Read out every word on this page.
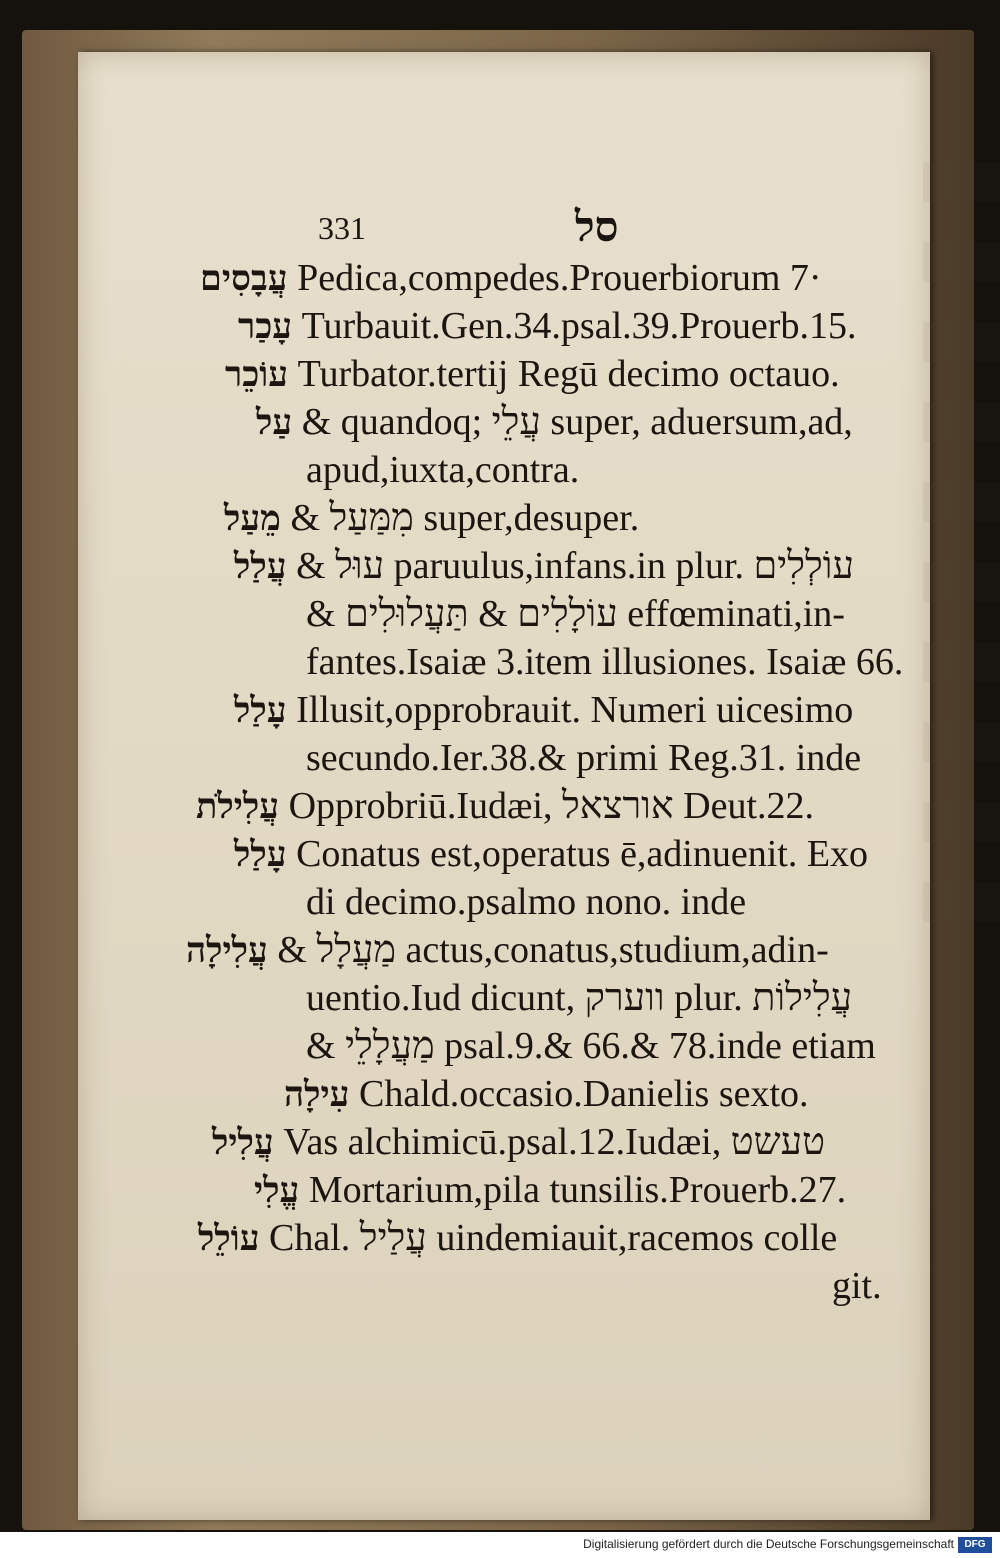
331	סל
עֲבָסִים Pedica,compedes.Prouerbiorum 7·
עָכַר Turbauit.Gen.34.psal.39.Prouerb.15.
עוֹכֵר Turbator.tertij Regū decimo octauo.
עַל & quandoq; עֲלֵי super, aduersum,ad,
apud,iuxta,contra.
מֵעַל & מִמַּעַל super,desuper.
עֲלַל & עוּל paruulus,infans.in plur. עוֹלְלִים
& עוֹלָלִים & תַּעֲלוּלִים effœminati,in-
fantes.Isaiæ 3.item illusiones. Isaiæ 66.
עָלַל Illusit,opprobrauit. Numeri uicesimo
secundo.Ier.38.& primi Reg.31. inde
עֲלִילֹת Opprobriū.Iudæi, אורצאל Deut.22.
עָלַל Conatus est,operatus ē,adinuenit. Exo
di decimo.psalmo nono. inde
עֲלִילָה & מַעֲלָל actus,conatus,studium,adin-
uentio.Iud dicunt, ווערק plur. עֲלִילוֹת
& מַעֲלָלֵי psal.9.& 66.& 78.inde etiam
עִילָה Chald.occasio.Danielis sexto.
עֲלִיל Vas alchimicū.psal.12.Iudæi, טעשט
עֱלִי Mortarium,pila tunsilis.Prouerb.27.
עוֹלֵל Chal. עֲלַיל uindemiauit,racemos colle
git.
Digitalisierung gefördert durch die Deutsche Forschungsgemeinschaft	DFG
